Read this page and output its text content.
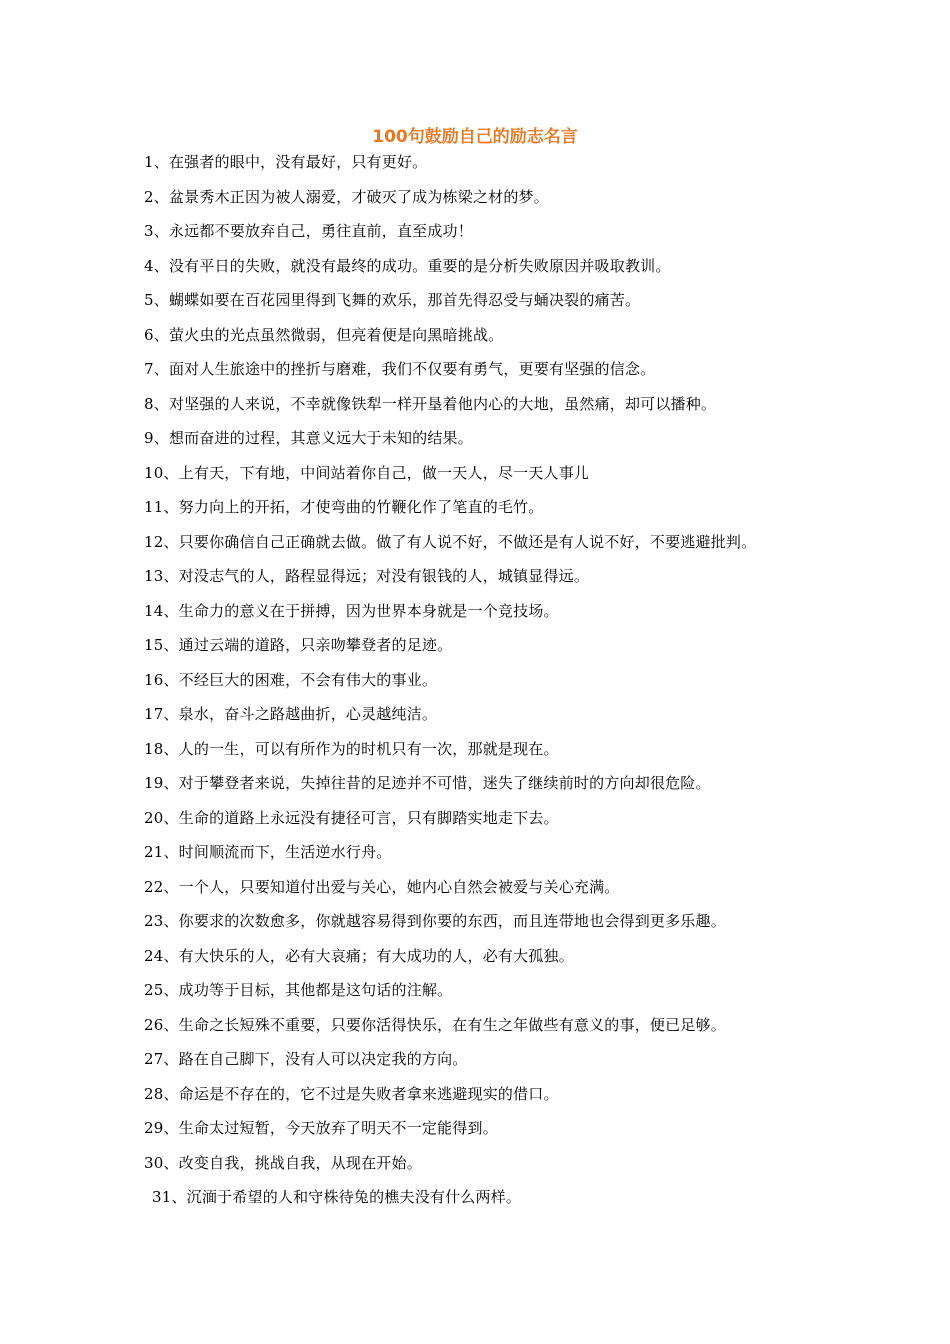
100句鼓励自己的励志名言
1、在强者的眼中，没有最好，只有更好。
2、盆景秀木正因为被人溺爱，才破灭了成为栋梁之材的梦。
3、永远都不要放弃自己，勇往直前，直至成功！
4、没有平日的失败，就没有最终的成功。重要的是分析失败原因并吸取教训。
5、蝴蝶如要在百花园里得到飞舞的欢乐，那首先得忍受与蛹决裂的痛苦。
6、萤火虫的光点虽然微弱，但亮着便是向黑暗挑战。
7、面对人生旅途中的挫折与磨难，我们不仅要有勇气，更要有坚强的信念。
8、对坚强的人来说，不幸就像铁犁一样开垦着他内心的大地，虽然痛，却可以播种。
9、想而奋进的过程，其意义远大于未知的结果。
10、上有天，下有地，中间站着你自己，做一天人，尽一天人事儿
11、努力向上的开拓，才使弯曲的竹鞭化作了笔直的毛竹。
12、只要你确信自己正确就去做。做了有人说不好，不做还是有人说不好，不要逃避批判。
13、对没志气的人，路程显得远；对没有银钱的人，城镇显得远。
14、生命力的意义在于拼搏，因为世界本身就是一个竞技场。
15、通过云端的道路，只亲吻攀登者的足迹。
16、不经巨大的困难，不会有伟大的事业。
17、泉水，奋斗之路越曲折，心灵越纯洁。
18、人的一生，可以有所作为的时机只有一次，那就是现在。
19、对于攀登者来说，失掉往昔的足迹并不可惜，迷失了继续前时的方向却很危险。
20、生命的道路上永远没有捷径可言，只有脚踏实地走下去。
21、时间顺流而下，生活逆水行舟。
22、一个人，只要知道付出爱与关心，她内心自然会被爱与关心充满。
23、你要求的次数愈多，你就越容易得到你要的东西，而且连带地也会得到更多乐趣。
24、有大快乐的人，必有大哀痛；有大成功的人，必有大孤独。
25、成功等于目标，其他都是这句话的注解。
26、生命之长短殊不重要，只要你活得快乐，在有生之年做些有意义的事，便已足够。
27、路在自己脚下，没有人可以决定我的方向。
28、命运是不存在的，它不过是失败者拿来逃避现实的借口。
29、生命太过短暂，今天放弃了明天不一定能得到。
30、改变自我，挑战自我，从现在开始。
31、沉湎于希望的人和守株待兔的樵夫没有什么两样。
